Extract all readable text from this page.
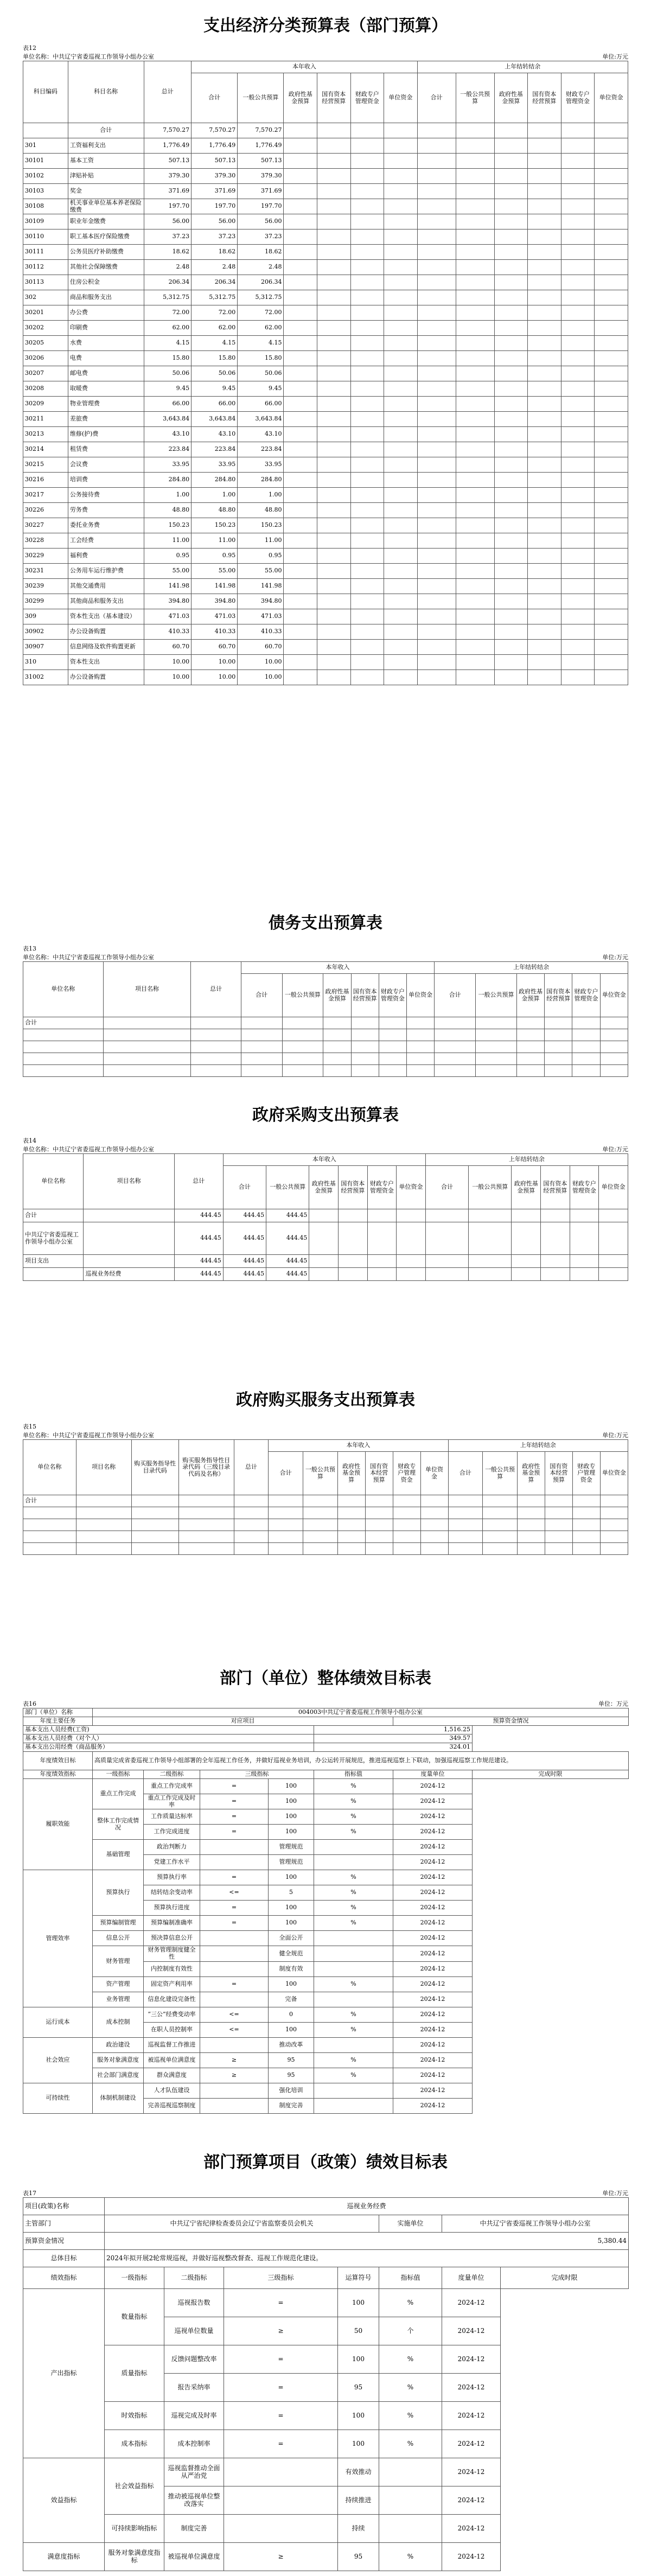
支出经济分类预算表（部门预算）
表12
单位名称：中共辽宁省委巡视工作领导小组办公室	单位:万元
科目编码	科目名称	总计	本年收入						上年结转结余					
			合计	一般公共预算	政府性基金预算	国有资本经营预算	财政专户管理资金	单位资金	合计	一般公共预算	政府性基金预算	国有资本经营预算	财政专户管理资金	单位资金
	合计	7,570.27	7,570.27	7,570.27										
301	工资福利支出	1,776.49	1,776.49	1,776.49										
30101	基本工资	507.13	507.13	507.13										
30102	津贴补贴	379.30	379.30	379.30										
30103	奖金	371.69	371.69	371.69										
30108	机关事业单位基本养老保险缴费	197.70	197.70	197.70										
30109	职业年金缴费	56.00	56.00	56.00										
30110	职工基本医疗保险缴费	37.23	37.23	37.23										
30111	公务员医疗补助缴费	18.62	18.62	18.62										
30112	其他社会保障缴费	2.48	2.48	2.48										
30113	住房公积金	206.34	206.34	206.34										
302	商品和服务支出	5,312.75	5,312.75	5,312.75										
30201	办公费	72.00	72.00	72.00										
30202	印刷费	62.00	62.00	62.00										
30205	水费	4.15	4.15	4.15										
30206	电费	15.80	15.80	15.80										
30207	邮电费	50.06	50.06	50.06										
30208	取暖费	9.45	9.45	9.45										
30209	物业管理费	66.00	66.00	66.00										
30211	差旅费	3,643.84	3,643.84	3,643.84										
30213	维修(护)费	43.10	43.10	43.10										
30214	租赁费	223.84	223.84	223.84										
30215	会议费	33.95	33.95	33.95										
30216	培训费	284.80	284.80	284.80										
30217	公务接待费	1.00	1.00	1.00										
30226	劳务费	48.80	48.80	48.80										
30227	委托业务费	150.23	150.23	150.23										
30228	工会经费	11.00	11.00	11.00										
30229	福利费	0.95	0.95	0.95										
30231	公务用车运行维护费	55.00	55.00	55.00										
30239	其他交通费用	141.98	141.98	141.98										
30299	其他商品和服务支出	394.80	394.80	394.80										
309	资本性支出（基本建设）	471.03	471.03	471.03										
30902	办公设备购置	410.33	410.33	410.33										
30907	信息网络及软件购置更新	60.70	60.70	60.70										
310	资本性支出	10.00	10.00	10.00										
31002	办公设备购置	10.00	10.00	10.00										
债务支出预算表
表13
单位名称：中共辽宁省委巡视工作领导小组办公室	单位:万元
单位名称	项目名称	总计	本年收入						上年结转结余					
			合计	一般公共预算	政府性基金预算	国有资本经营预算	财政专户管理资金	单位资金	合计	一般公共预算	政府性基金预算	国有资本经营预算	财政专户管理资金	单位资金
合计														

政府采购支出预算表
表14
单位名称：中共辽宁省委巡视工作领导小组办公室	单位:万元
单位名称	项目名称	总计	本年收入						上年结转结余					
			合计	一般公共预算	政府性基金预算	国有资本经营预算	财政专户管理资金	单位资金	合计	一般公共预算	政府性基金预算	国有资本经营预算	财政专户管理资金	单位资金
合计		444.45	444.45	444.45										
中共辽宁省委巡视工作领导小组办公室		444.45	444.45	444.45										
项目支出		444.45	444.45	444.45										
	巡视业务经费	444.45	444.45	444.45										
政府购买服务支出预算表
表15
单位名称：中共辽宁省委巡视工作领导小组办公室	单位:万元
单位名称	项目名称	购买服务指导性目录代码	购买服务指导性目录代码（三级目录代码及名称）	总计	本年收入						上年结转结余					
					合计	一般公共预算	政府性基金预算	国有资本经营预算	财政专户管理资金	单位资金	合计	一般公共预算	政府性基金预算	国有资本经营预算	财政专户管理资金	单位资金
合计																

部门（单位）整体绩效目标表
表16	单位：万元
部门（单位）名称	004003中共辽宁省委巡视工作领导小组办公室						
年度主要任务	对应项目					预算资金情况	
基本支出人员经费(工资)					1,516.25		
基本支出人员经费（对个人）					349.57		
基本支出公用经费（商品服务）					324.01		
年度绩效目标	高质量完成省委巡视工作领导小组部署的全年巡视工作任务，并做好巡视业务培训，办公运转开展规范，推进巡视巡察上下联动，加强巡视巡察工作规范建设。						
年度绩效指标	一级指标	二级指标	三级指标		指标值	度量单位	完成时限
履职效能	重点工作完成	重点工作完成率	=	100	%	2024-12	
		重点工作完成及时率	=	100	%	2024-12	
	整体工作完成情况	工作质量达标率	=	100	%	2024-12	
		工作完成进度	=	100	%	2024-12	
	基础管理	政治判断力		管理规范		2024-12	
		党建工作水平		管理规范		2024-12	
管理效率	预算执行	预算执行率	=	100	%	2024-12	
		结转结余变动率	<=	5	%	2024-12	
		预算执行进度	=	100	%	2024-12	
	预算编制管理	预算编制准确率	=	100	%	2024-12	
	信息公开	预决算信息公开		全面公开		2024-12	
	财务管理	财务管理制度健全性		健全规范		2024-12	
		内控制度有效性		制度有效		2024-12	
	资产管理	固定资产利用率	=	100	%	2024-12	
	业务管理	信息化建设完备性		完备		2024-12	
运行成本	成本控制	“三公”经费变动率	<=	0	%	2024-12	
		在职人员控制率	<=	100	%	2024-12	
社会效应	政治建设	巡视监督工作推进		推动改革		2024-12	
	服务对象满意度	被巡视单位满意度	≥	95	%	2024-12	
	社会部门满意度	群众满意度	≥	95	%	2024-12	
可持续性	体制机制建设	人才队伍建设		强化培训		2024-12	
		完善巡视巡察制度		制度完善		2024-12	
部门预算项目（政策）绩效目标表
表17	单位:万元
项目(政策)名称	巡视业务经费						
主管部门	中共辽宁省纪律检查委员会辽宁省监察委员会机关				实施单位	中共辽宁省委巡视工作领导小组办公室	
预算资金情况	5,380.44						
总体目标	2024年拟开展2轮常规巡视，并做好巡视整改督查、巡视工作规范化建设。						
绩效指标	一级指标	二级指标	三级指标	运算符号	指标值	度量单位	完成时限
产出指标	数量指标	巡视报告数	=	100	%	2024-12	
		巡视单位数量	≥	50	个	2024-12	
	质量指标	反馈问题整改率	=	100	%	2024-12	
		报告采纳率	=	95	%	2024-12	
	时效指标	巡视完成及时率	=	100	%	2024-12	
	成本指标	成本控制率	=	100	%	2024-12	
效益指标	社会效益指标	巡视监督推动全面从严治党		有效推动		2024-12	
		推动被巡视单位整改落实		持续推进		2024-12	
	可持续影响指标	制度完善		持续		2024-12	
满意度指标	服务对象满意度指标	被巡视单位满意度	≥	95	%	2024-12	
